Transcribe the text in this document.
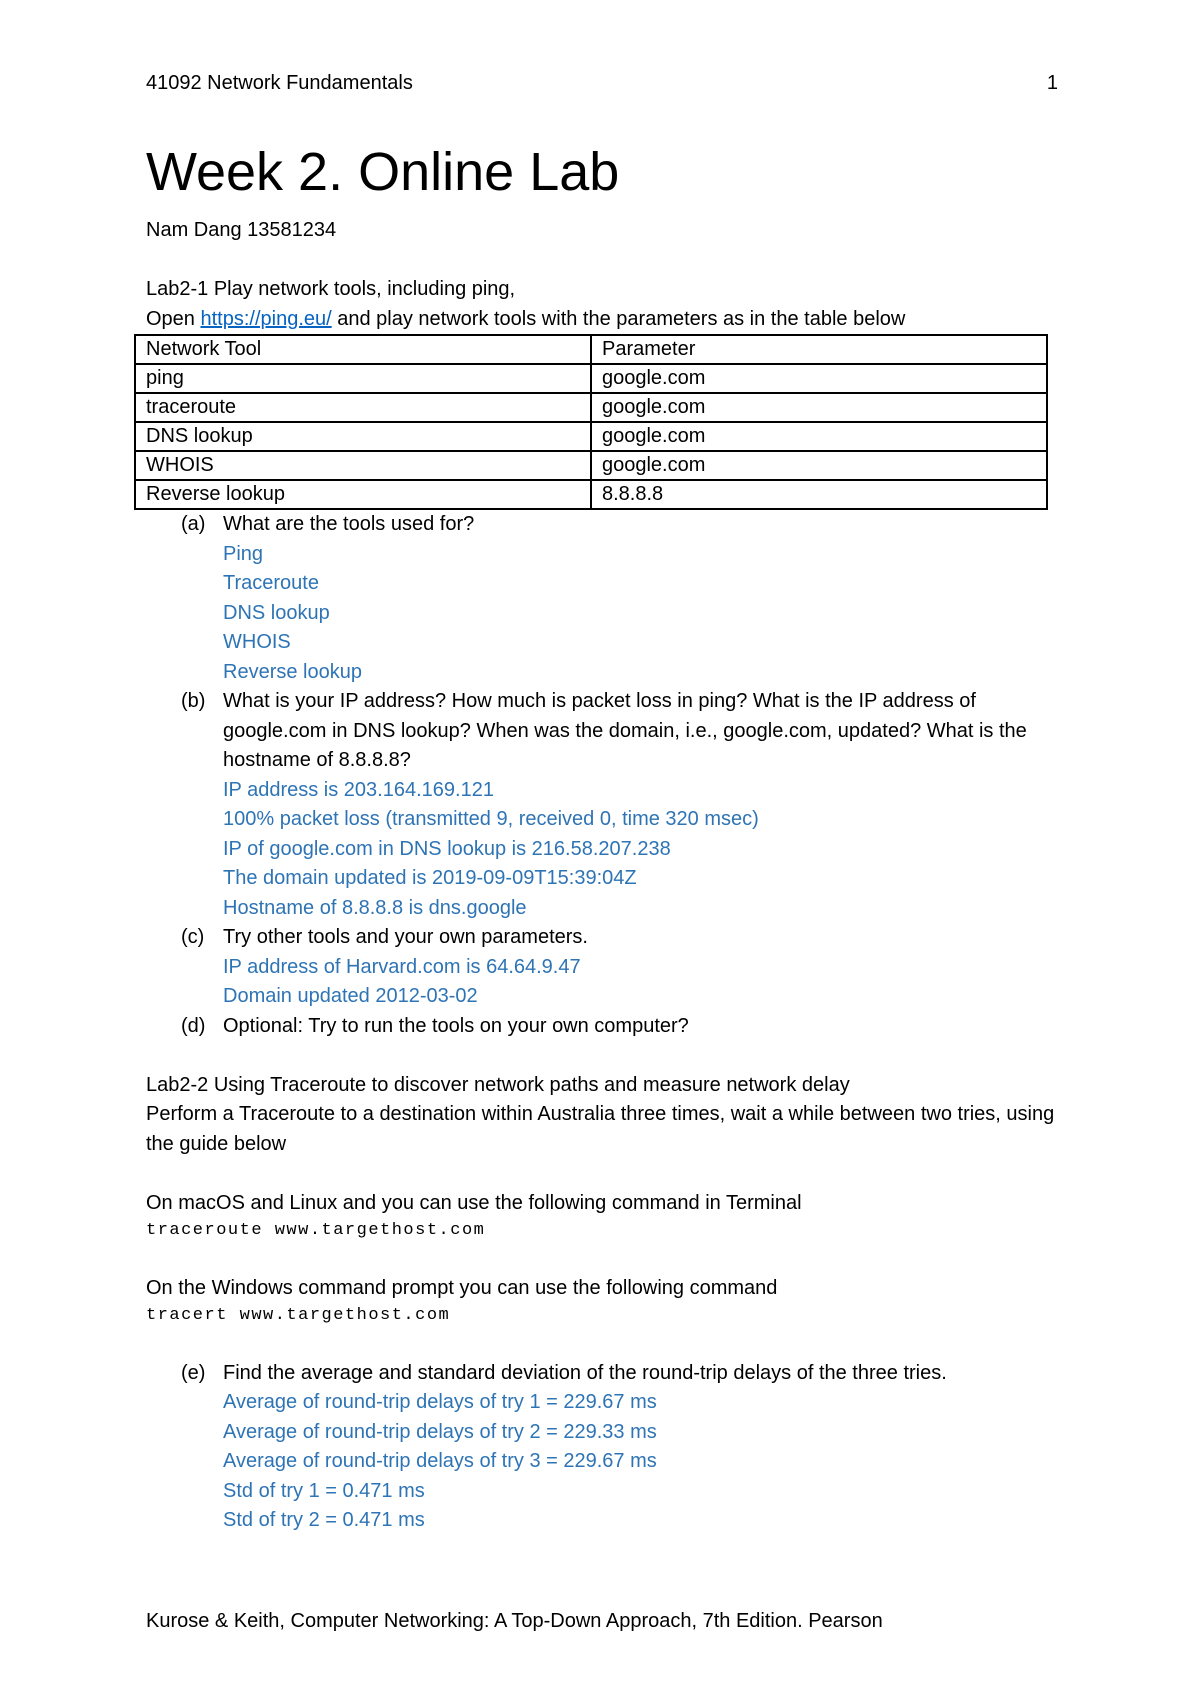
41092 Network Fundamentals	1
Week 2. Online Lab
Nam Dang 13581234
Lab2-1 Play network tools, including ping,
Open https://ping.eu/ and play network tools with the parameters as in the table below
Network Tool	Parameter
ping	google.com
traceroute	google.com
DNS lookup	google.com
WHOIS	google.com
Reverse lookup	8.8.8.8
(a) What are the tools used for?
Ping
Traceroute
DNS lookup
WHOIS
Reverse lookup
(b) What is your IP address? How much is packet loss in ping? What is the IP address of google.com in DNS lookup? When was the domain, i.e., google.com, updated? What is the hostname of 8.8.8.8?
IP address is 203.164.169.121
100% packet loss (transmitted 9, received 0, time 320 msec)
IP of google.com in DNS lookup is 216.58.207.238
The domain updated is 2019-09-09T15:39:04Z
Hostname of 8.8.8.8 is dns.google
(c) Try other tools and your own parameters.
IP address of Harvard.com is 64.64.9.47
Domain updated 2012-03-02
(d) Optional: Try to run the tools on your own computer?
Lab2-2 Using Traceroute to discover network paths and measure network delay
Perform a Traceroute to a destination within Australia three times, wait a while between two tries, using the guide below
On macOS and Linux and you can use the following command in Terminal
traceroute www.targethost.com
On the Windows command prompt you can use the following command
tracert www.targethost.com
(e) Find the average and standard deviation of the round-trip delays of the three tries.
Average of round-trip delays of try 1 = 229.67 ms
Average of round-trip delays of try 2 = 229.33 ms
Average of round-trip delays of try 3 = 229.67 ms
Std of try 1 = 0.471 ms
Std of try 2 = 0.471 ms
Kurose & Keith, Computer Networking: A Top-Down Approach, 7th Edition. Pearson
